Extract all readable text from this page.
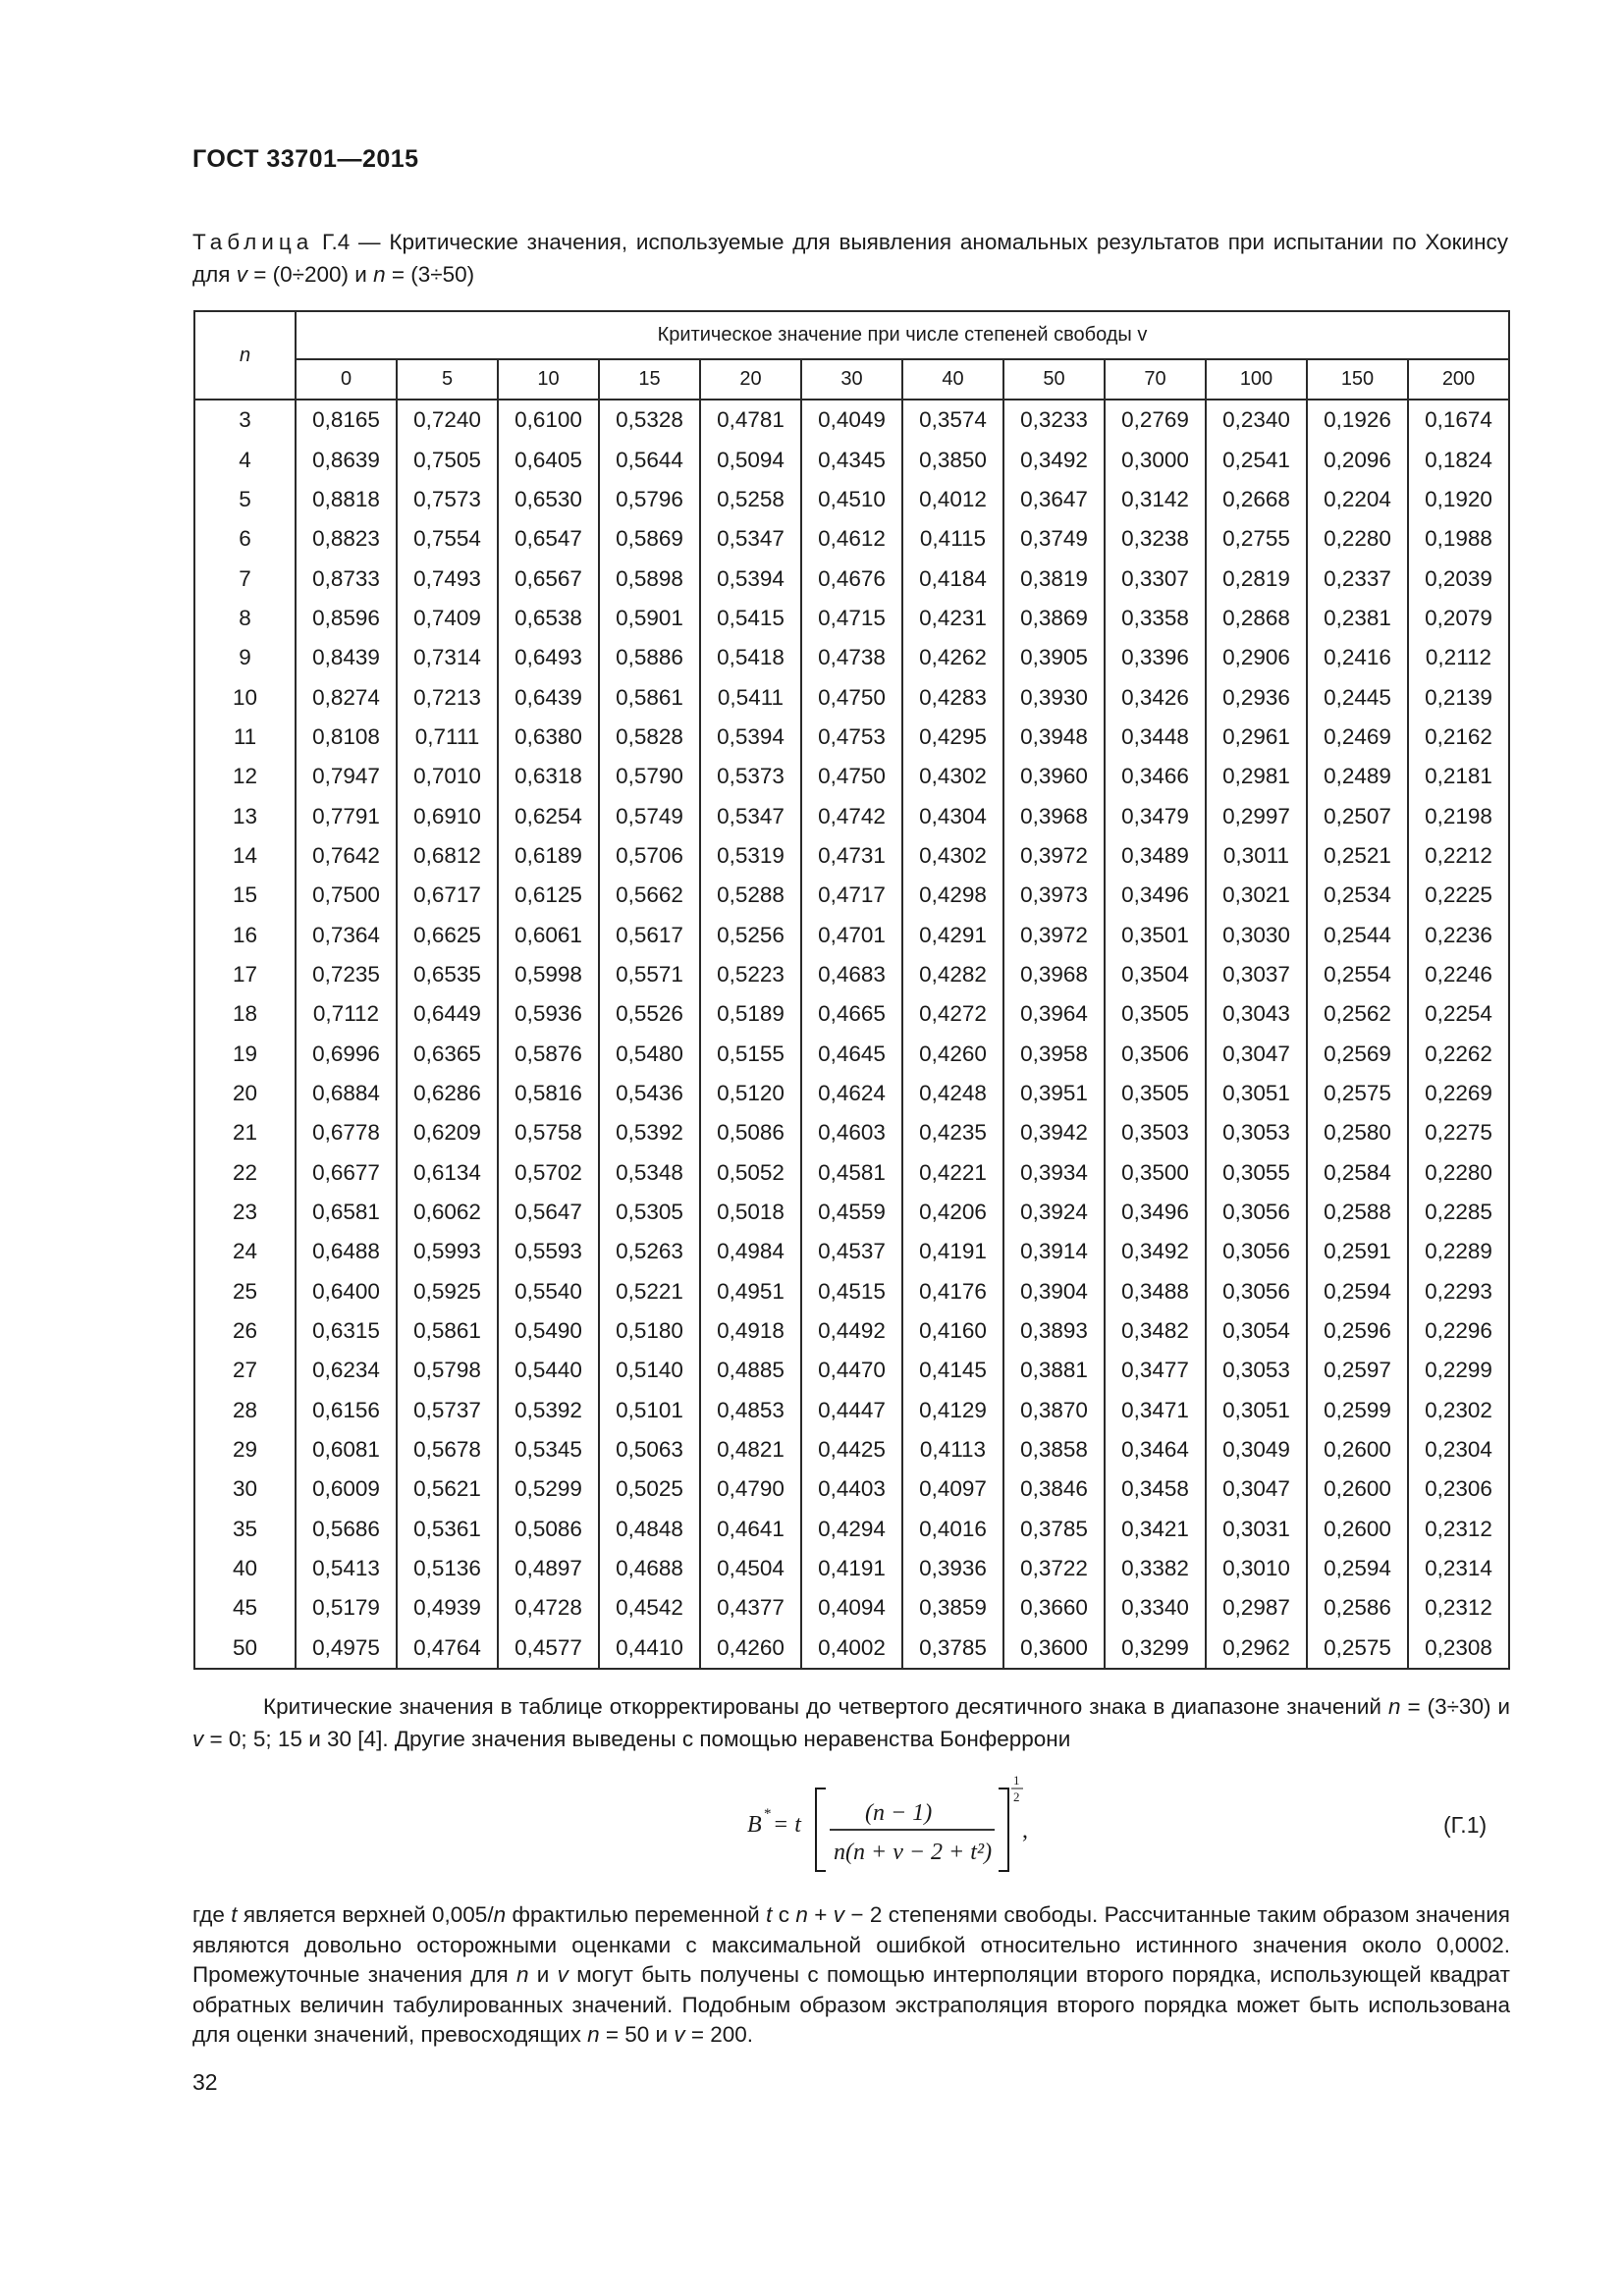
ГОСТ 33701—2015
Таблица Г.4 — Критические значения, используемые для выявления аномальных результатов при испытании по Хокинсу для v = (0÷200) и n = (3÷50)
n	Критическое значение при числе степеней свободы v											
	0	5	10	15	20	30	40	50	70	100	150	200
3	0,8165	0,7240	0,6100	0,5328	0,4781	0,4049	0,3574	0,3233	0,2769	0,2340	0,1926	0,1674
4	0,8639	0,7505	0,6405	0,5644	0,5094	0,4345	0,3850	0,3492	0,3000	0,2541	0,2096	0,1824
5	0,8818	0,7573	0,6530	0,5796	0,5258	0,4510	0,4012	0,3647	0,3142	0,2668	0,2204	0,1920
6	0,8823	0,7554	0,6547	0,5869	0,5347	0,4612	0,4115	0,3749	0,3238	0,2755	0,2280	0,1988
7	0,8733	0,7493	0,6567	0,5898	0,5394	0,4676	0,4184	0,3819	0,3307	0,2819	0,2337	0,2039
8	0,8596	0,7409	0,6538	0,5901	0,5415	0,4715	0,4231	0,3869	0,3358	0,2868	0,2381	0,2079
9	0,8439	0,7314	0,6493	0,5886	0,5418	0,4738	0,4262	0,3905	0,3396	0,2906	0,2416	0,2112
10	0,8274	0,7213	0,6439	0,5861	0,5411	0,4750	0,4283	0,3930	0,3426	0,2936	0,2445	0,2139
11	0,8108	0,7111	0,6380	0,5828	0,5394	0,4753	0,4295	0,3948	0,3448	0,2961	0,2469	0,2162
12	0,7947	0,7010	0,6318	0,5790	0,5373	0,4750	0,4302	0,3960	0,3466	0,2981	0,2489	0,2181
13	0,7791	0,6910	0,6254	0,5749	0,5347	0,4742	0,4304	0,3968	0,3479	0,2997	0,2507	0,2198
14	0,7642	0,6812	0,6189	0,5706	0,5319	0,4731	0,4302	0,3972	0,3489	0,3011	0,2521	0,2212
15	0,7500	0,6717	0,6125	0,5662	0,5288	0,4717	0,4298	0,3973	0,3496	0,3021	0,2534	0,2225
16	0,7364	0,6625	0,6061	0,5617	0,5256	0,4701	0,4291	0,3972	0,3501	0,3030	0,2544	0,2236
17	0,7235	0,6535	0,5998	0,5571	0,5223	0,4683	0,4282	0,3968	0,3504	0,3037	0,2554	0,2246
18	0,7112	0,6449	0,5936	0,5526	0,5189	0,4665	0,4272	0,3964	0,3505	0,3043	0,2562	0,2254
19	0,6996	0,6365	0,5876	0,5480	0,5155	0,4645	0,4260	0,3958	0,3506	0,3047	0,2569	0,2262
20	0,6884	0,6286	0,5816	0,5436	0,5120	0,4624	0,4248	0,3951	0,3505	0,3051	0,2575	0,2269
21	0,6778	0,6209	0,5758	0,5392	0,5086	0,4603	0,4235	0,3942	0,3503	0,3053	0,2580	0,2275
22	0,6677	0,6134	0,5702	0,5348	0,5052	0,4581	0,4221	0,3934	0,3500	0,3055	0,2584	0,2280
23	0,6581	0,6062	0,5647	0,5305	0,5018	0,4559	0,4206	0,3924	0,3496	0,3056	0,2588	0,2285
24	0,6488	0,5993	0,5593	0,5263	0,4984	0,4537	0,4191	0,3914	0,3492	0,3056	0,2591	0,2289
25	0,6400	0,5925	0,5540	0,5221	0,4951	0,4515	0,4176	0,3904	0,3488	0,3056	0,2594	0,2293
26	0,6315	0,5861	0,5490	0,5180	0,4918	0,4492	0,4160	0,3893	0,3482	0,3054	0,2596	0,2296
27	0,6234	0,5798	0,5440	0,5140	0,4885	0,4470	0,4145	0,3881	0,3477	0,3053	0,2597	0,2299
28	0,6156	0,5737	0,5392	0,5101	0,4853	0,4447	0,4129	0,3870	0,3471	0,3051	0,2599	0,2302
29	0,6081	0,5678	0,5345	0,5063	0,4821	0,4425	0,4113	0,3858	0,3464	0,3049	0,2600	0,2304
30	0,6009	0,5621	0,5299	0,5025	0,4790	0,4403	0,4097	0,3846	0,3458	0,3047	0,2600	0,2306
35	0,5686	0,5361	0,5086	0,4848	0,4641	0,4294	0,4016	0,3785	0,3421	0,3031	0,2600	0,2312
40	0,5413	0,5136	0,4897	0,4688	0,4504	0,4191	0,3936	0,3722	0,3382	0,3010	0,2594	0,2314
45	0,5179	0,4939	0,4728	0,4542	0,4377	0,4094	0,3859	0,3660	0,3340	0,2987	0,2586	0,2312
50	0,4975	0,4764	0,4577	0,4410	0,4260	0,4002	0,3785	0,3600	0,3299	0,2962	0,2575	0,2308
Критические значения в таблице откорректированы до четвертого десятичного знака в диапазоне значений n = (3÷30) и v = 0; 5; 15 и 30 [4]. Другие значения выведены с помощью неравенства Бонферрони
B * = t	(n − 1)
n(n + ν − 2 + t²)
1
2
,	(Г.1)
где t является верхней 0,005/n фрактилью переменной t с n + v − 2 степенями свободы. Рассчитанные таким образом значения являются довольно осторожными оценками с максимальной ошибкой относительно истинного значения около 0,0002. Промежуточные значения для n и v могут быть получены с помощью интерполяции второго порядка, использующей квадрат обратных величин табулированных значений. Подобным образом экстраполяция второго порядка может быть использована для оценки значений, превосходящих n = 50 и v = 200.
32
